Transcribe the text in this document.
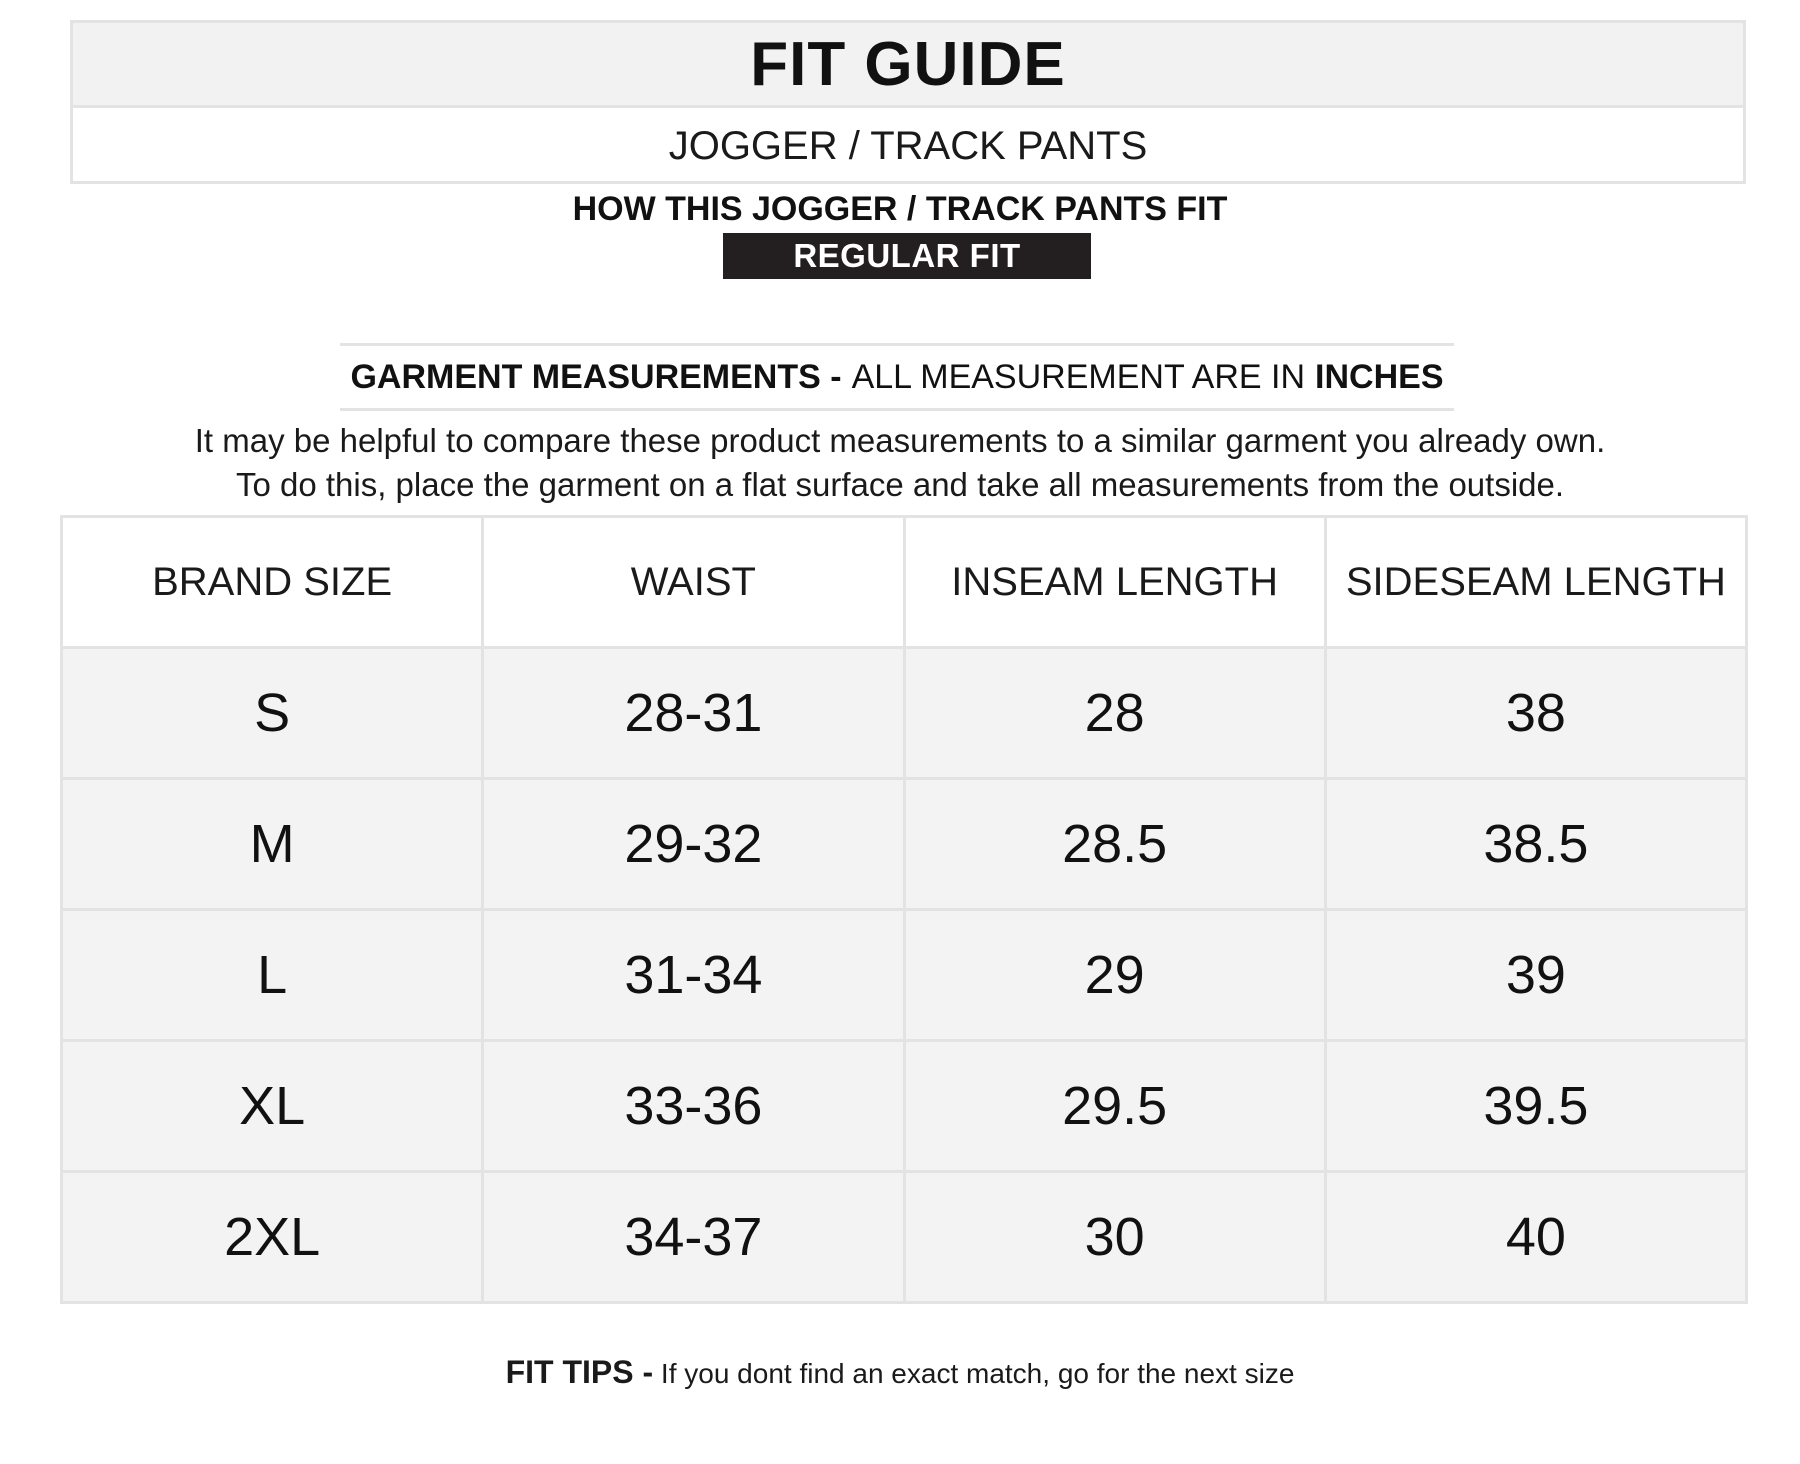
FIT GUIDE
JOGGER / TRACK PANTS
HOW THIS JOGGER / TRACK PANTS FIT
REGULAR FIT
GARMENT MEASUREMENTS - ALL MEASUREMENT ARE IN INCHES
It may be helpful to compare these product measurements to a similar garment you already own.
To do this, place the garment on a flat surface and take all measurements from the outside.
BRAND SIZE	WAIST	INSEAM LENGTH	SIDESEAM LENGTH
S	28-31	28	38
M	29-32	28.5	38.5
L	31-34	29	39
XL	33-36	29.5	39.5
2XL	34-37	30	40
FIT TIPS - If you dont find an exact match, go for the next size
